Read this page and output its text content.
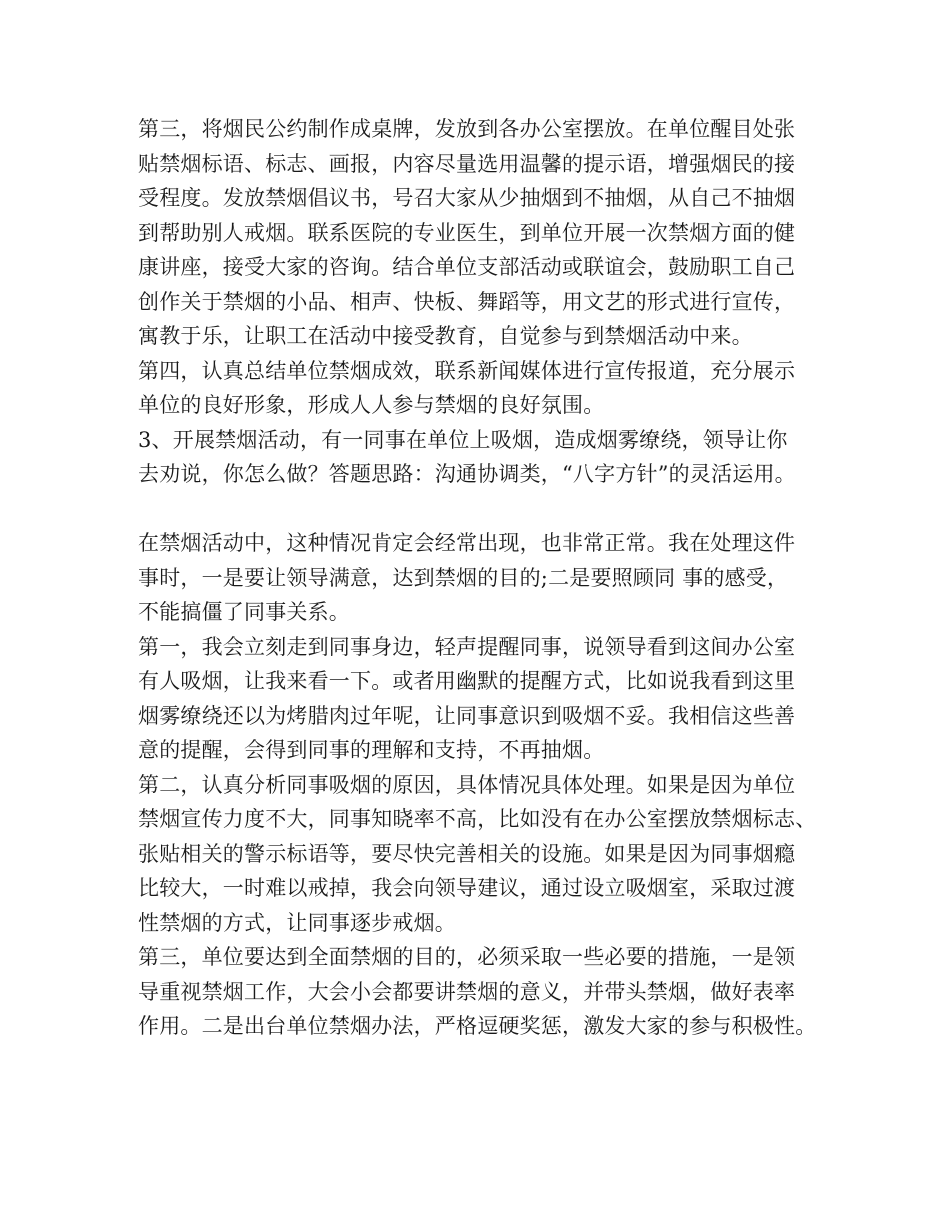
第三，将烟民公约制作成桌牌，发放到各办公室摆放。在单位醒目处张
贴禁烟标语、标志、画报，内容尽量选用温馨的提示语，增强烟民的接
受程度。发放禁烟倡议书，号召大家从少抽烟到不抽烟，从自己不抽烟
到帮助别人戒烟。联系医院的专业医生，到单位开展一次禁烟方面的健
康讲座，接受大家的咨询。结合单位支部活动或联谊会，鼓励职工自己
创作关于禁烟的小品、相声、快板、舞蹈等，用文艺的形式进行宣传，
寓教于乐，让职工在活动中接受教育，自觉参与到禁烟活动中来。
第四，认真总结单位禁烟成效，联系新闻媒体进行宣传报道，充分展示
单位的良好形象，形成人人参与禁烟的良好氛围。
3、开展禁烟活动，有一同事在单位上吸烟，造成烟雾缭绕，领导让你
去劝说，你怎么做？答题思路：沟通协调类，“八字方针”的灵活运用。
在禁烟活动中，这种情况肯定会经常出现，也非常正常。我在处理这件
事时，一是要让领导满意，达到禁烟的目的;二是要照顾同 事的感受，
不能搞僵了同事关系。
第一，我会立刻走到同事身边，轻声提醒同事，说领导看到这间办公室
有人吸烟，让我来看一下。或者用幽默的提醒方式，比如说我看到这里
烟雾缭绕还以为烤腊肉过年呢，让同事意识到吸烟不妥。我相信这些善
意的提醒，会得到同事的理解和支持，不再抽烟。
第二，认真分析同事吸烟的原因，具体情况具体处理。如果是因为单位
禁烟宣传力度不大，同事知晓率不高，比如没有在办公室摆放禁烟标志、
张贴相关的警示标语等，要尽快完善相关的设施。如果是因为同事烟瘾
比较大，一时难以戒掉，我会向领导建议，通过设立吸烟室，采取过渡
性禁烟的方式，让同事逐步戒烟。
第三，单位要达到全面禁烟的目的，必须采取一些必要的措施，一是领
导重视禁烟工作，大会小会都要讲禁烟的意义，并带头禁烟，做好表率
作用。二是出台单位禁烟办法，严格逗硬奖惩，激发大家的参与积极性。
